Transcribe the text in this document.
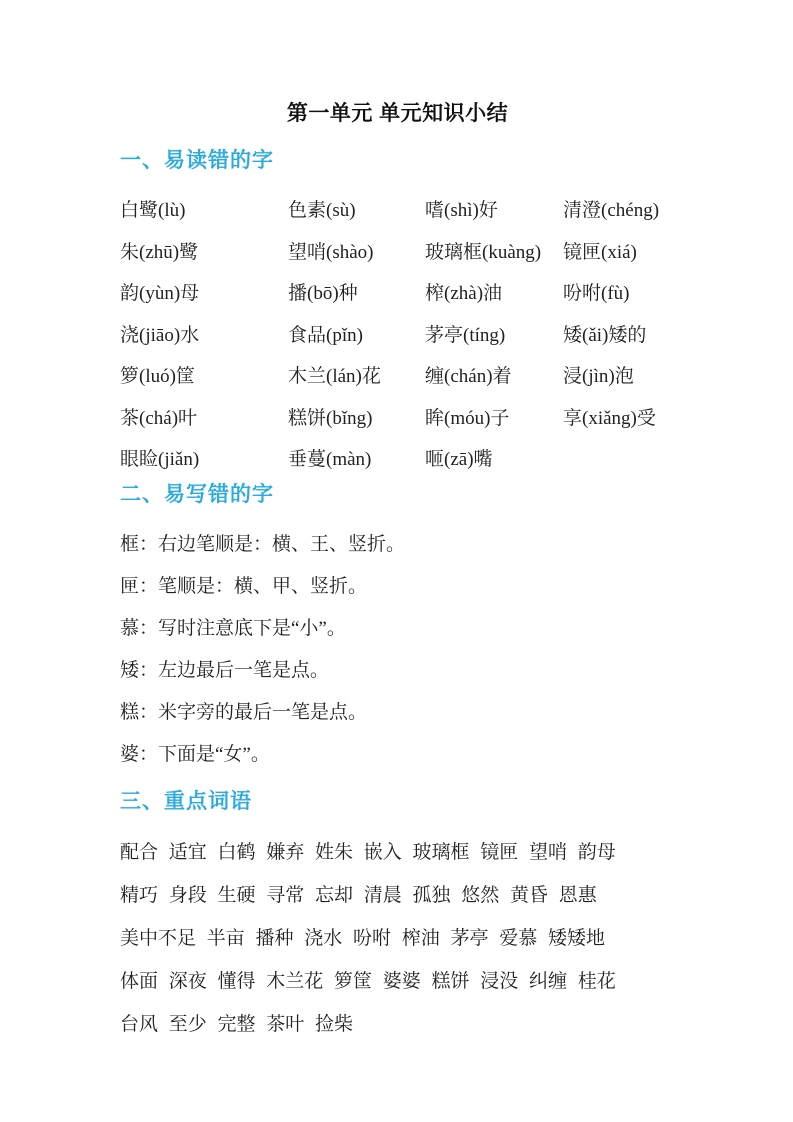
第一单元 单元知识小结
一、易读错的字
白鹭(lù)	色素(sù)	嗜(shì)好	清澄(chéng)
朱(zhū)鹭	望哨(shào)	玻璃框(kuàng)	镜匣(xiá)
韵(yùn)母	播(bō)种	榨(zhà)油	吩咐(fù)
浇(jiāo)水	食品(pǐn)	茅亭(tíng)	矮(ǎi)矮的
箩(luó)筐	木兰(lán)花	缠(chán)着	浸(jìn)泡
茶(chá)叶	糕饼(bǐng)	眸(móu)子	享(xiǎng)受
眼睑(jiǎn)	垂蔓(màn)	咂(zā)嘴
二、易写错的字
框：右边笔顺是：横、王、竖折。
匣：笔顺是：横、甲、竖折。
慕：写时注意底下是“小”。
矮：左边最后一笔是点。
糕：米字旁的最后一笔是点。
婆：下面是“女”。
三、重点词语
配合 适宜 白鹤 嫌弃 姓朱 嵌入 玻璃框 镜匣 望哨 韵母
精巧 身段 生硬 寻常 忘却 清晨 孤独 悠然 黄昏 恩惠
美中不足 半亩 播种 浇水 吩咐 榨油 茅亭 爱慕 矮矮地
体面 深夜 懂得 木兰花 箩筐 婆婆 糕饼 浸没 纠缠 桂花
台风 至少 完整 茶叶 捡柴
